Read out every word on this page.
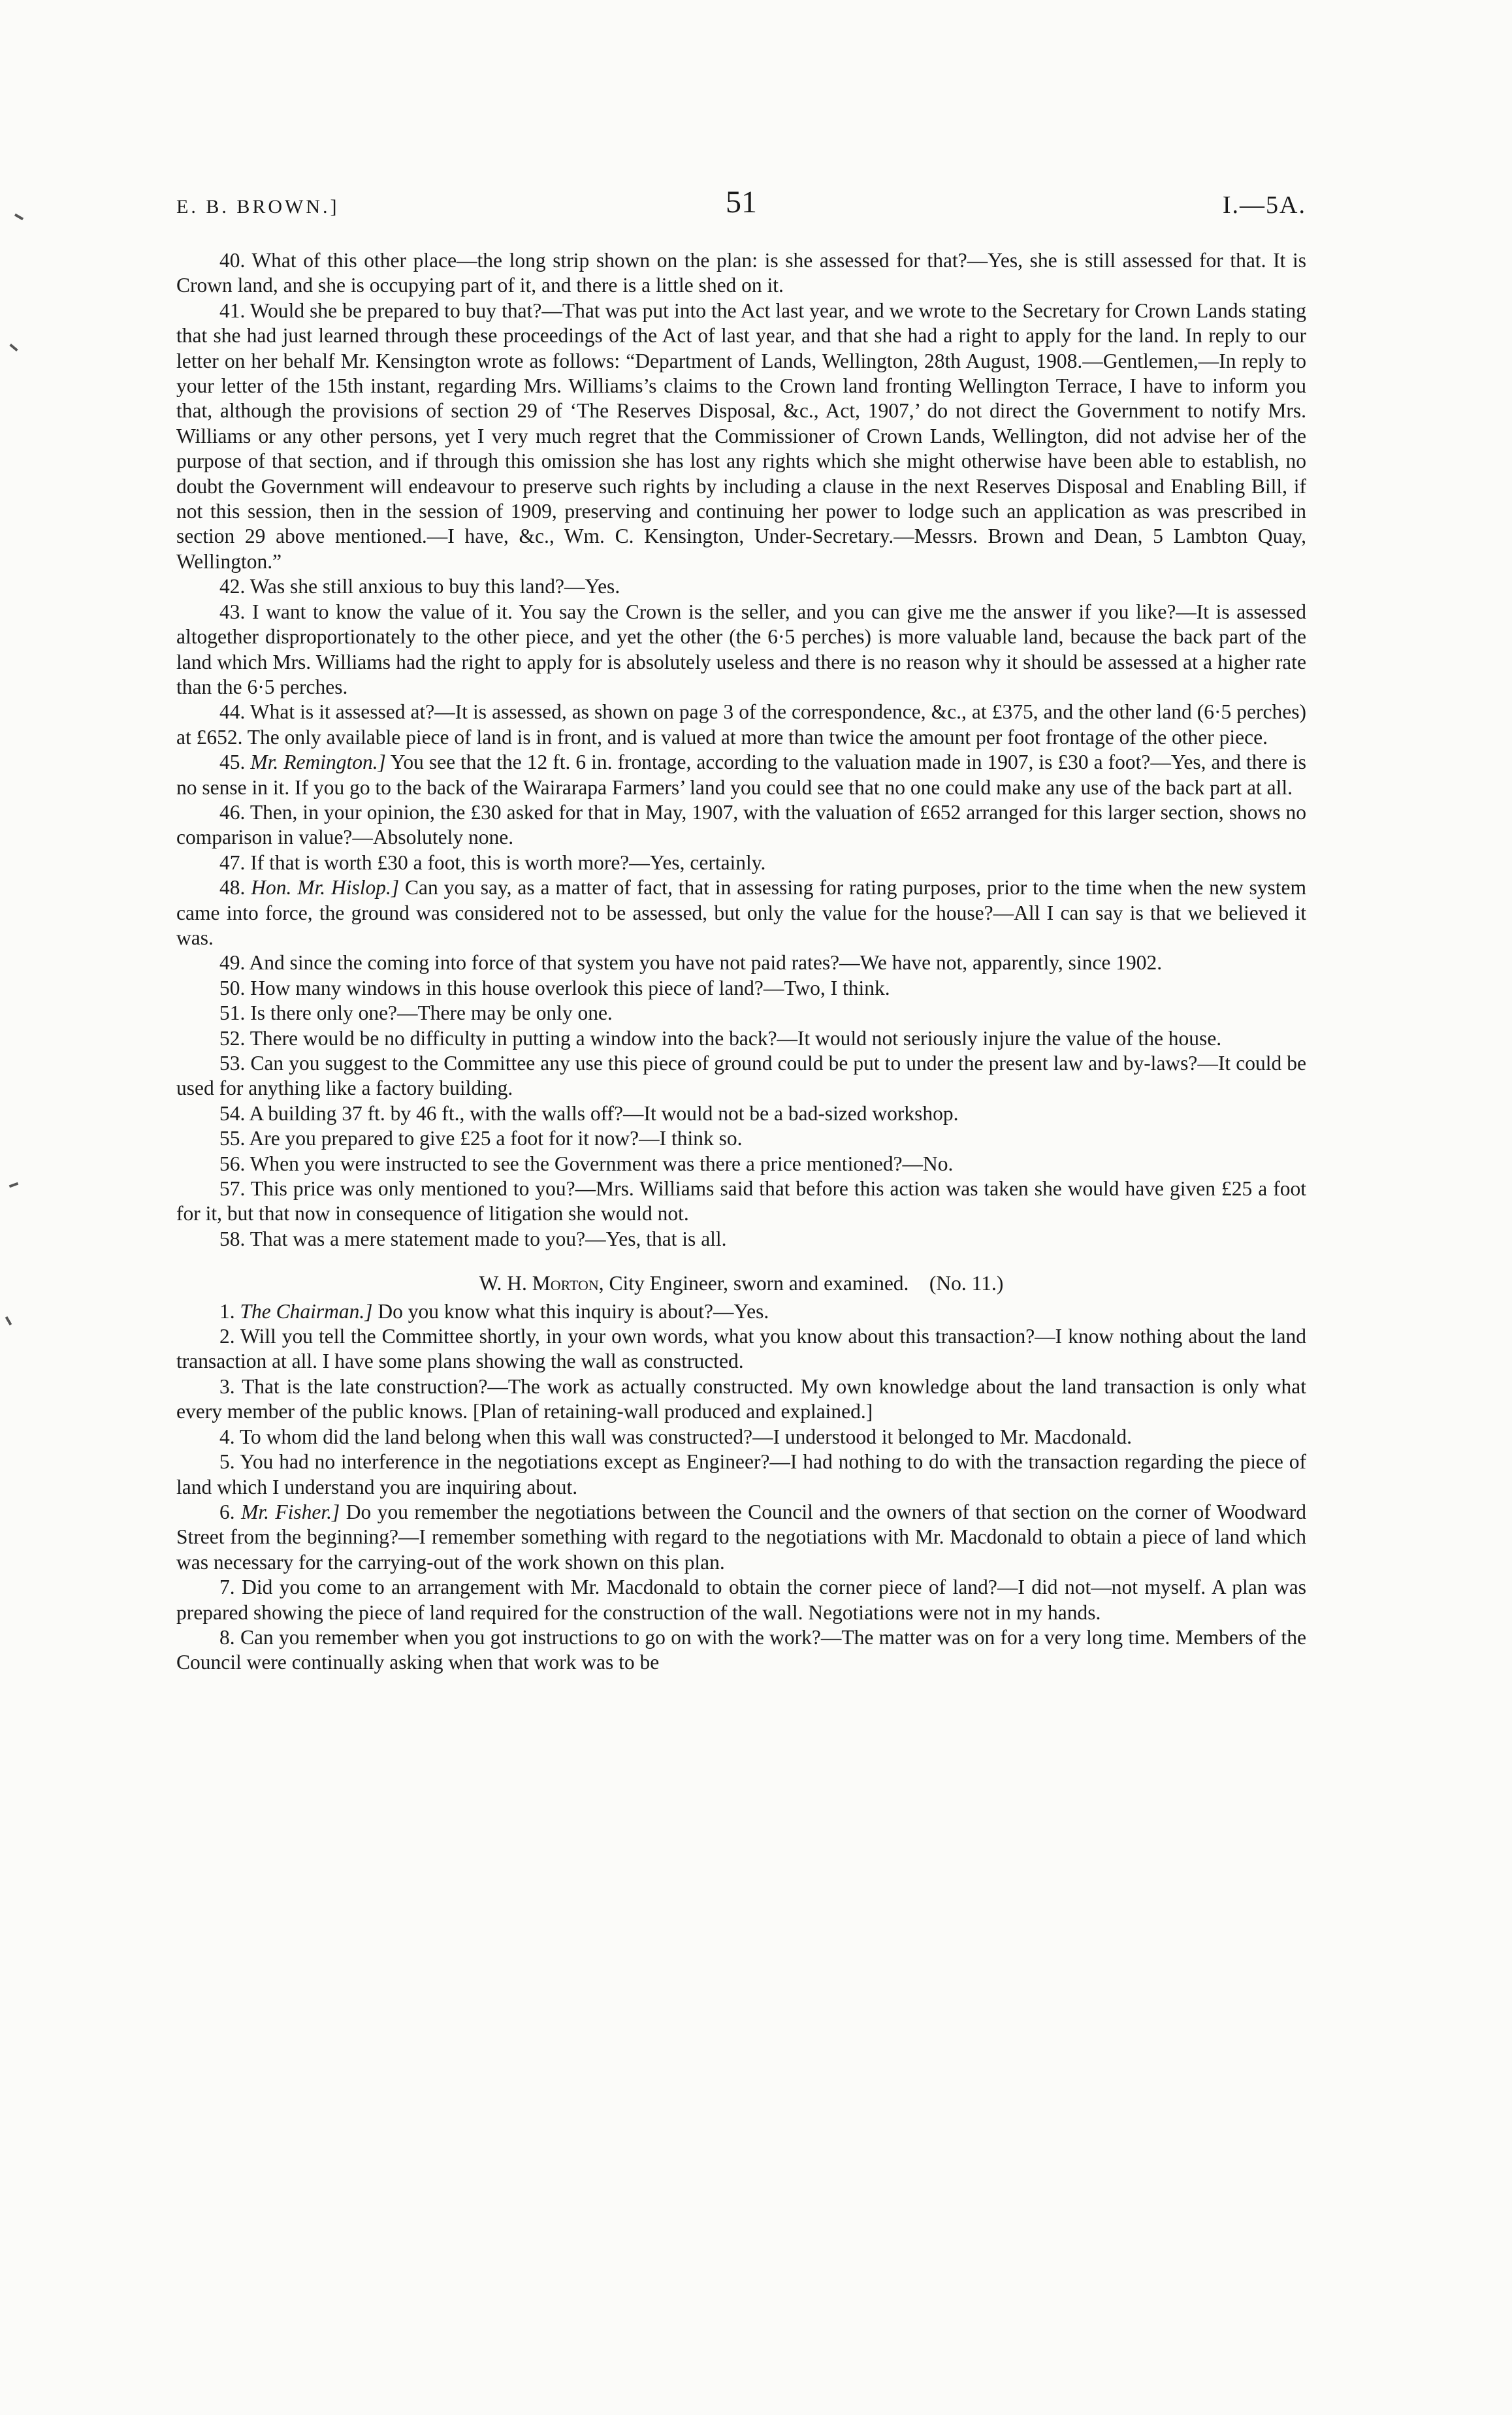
E. B. BROWN.]	51	I.—5A.

40. What of this other place—the long strip shown on the plan: is she assessed for that?—Yes, she is still assessed for that. It is Crown land, and she is occupying part of it, and there is a little shed on it.

41. Would she be prepared to buy that?—That was put into the Act last year, and we wrote to the Secretary for Crown Lands stating that she had just learned through these proceedings of the Act of last year, and that she had a right to apply for the land. In reply to our letter on her behalf Mr. Kensington wrote as follows: “Department of Lands, Wellington, 28th August, 1908.—Gentlemen,—In reply to your letter of the 15th instant, regarding Mrs. Williams’s claims to the Crown land fronting Wellington Terrace, I have to inform you that, although the provisions of section 29 of ‘The Reserves Disposal, &c., Act, 1907,’ do not direct the Government to notify Mrs. Williams or any other persons, yet I very much regret that the Commissioner of Crown Lands, Wellington, did not advise her of the purpose of that section, and if through this omission she has lost any rights which she might otherwise have been able to establish, no doubt the Government will endeavour to preserve such rights by including a clause in the next Reserves Disposal and Enabling Bill, if not this session, then in the session of 1909, preserving and continuing her power to lodge such an application as was prescribed in section 29 above mentioned.—I have, &c., Wm. C. Kensington, Under-Secretary.—Messrs. Brown and Dean, 5 Lambton Quay, Wellington.”

42. Was she still anxious to buy this land?—Yes.

43. I want to know the value of it. You say the Crown is the seller, and you can give me the answer if you like?—It is assessed altogether disproportionately to the other piece, and yet the other (the 6·5 perches) is more valuable land, because the back part of the land which Mrs. Williams had the right to apply for is absolutely useless and there is no reason why it should be assessed at a higher rate than the 6·5 perches.

44. What is it assessed at?—It is assessed, as shown on page 3 of the correspondence, &c., at £375, and the other land (6·5 perches) at £652. The only available piece of land is in front, and is valued at more than twice the amount per foot frontage of the other piece.

45. Mr. Remington.] You see that the 12 ft. 6 in. frontage, according to the valuation made in 1907, is £30 a foot?—Yes, and there is no sense in it. If you go to the back of the Wairarapa Farmers’ land you could see that no one could make any use of the back part at all.

46. Then, in your opinion, the £30 asked for that in May, 1907, with the valuation of £652 arranged for this larger section, shows no comparison in value?—Absolutely none.

47. If that is worth £30 a foot, this is worth more?—Yes, certainly.

48. Hon. Mr. Hislop.] Can you say, as a matter of fact, that in assessing for rating purposes, prior to the time when the new system came into force, the ground was considered not to be assessed, but only the value for the house?—All I can say is that we believed it was.

49. And since the coming into force of that system you have not paid rates?—We have not, apparently, since 1902.

50. How many windows in this house overlook this piece of land?—Two, I think.

51. Is there only one?—There may be only one.

52. There would be no difficulty in putting a window into the back?—It would not seriously injure the value of the house.

53. Can you suggest to the Committee any use this piece of ground could be put to under the present law and by-laws?—It could be used for anything like a factory building.

54. A building 37 ft. by 46 ft., with the walls off?—It would not be a bad-sized workshop.

55. Are you prepared to give £25 a foot for it now?—I think so.

56. When you were instructed to see the Government was there a price mentioned?—No.

57. This price was only mentioned to you?—Mrs. Williams said that before this action was taken she would have given £25 a foot for it, but that now in consequence of litigation she would not.

58. That was a mere statement made to you?—Yes, that is all.

W. H. Morton, City Engineer, sworn and examined. (No. 11.)

1. The Chairman.] Do you know what this inquiry is about?—Yes.

2. Will you tell the Committee shortly, in your own words, what you know about this transaction?—I know nothing about the land transaction at all. I have some plans showing the wall as constructed.

3. That is the late construction?—The work as actually constructed. My own knowledge about the land transaction is only what every member of the public knows. [Plan of retaining-wall produced and explained.]

4. To whom did the land belong when this wall was constructed?—I understood it belonged to Mr. Macdonald.

5. You had no interference in the negotiations except as Engineer?—I had nothing to do with the transaction regarding the piece of land which I understand you are inquiring about.

6. Mr. Fisher.] Do you remember the negotiations between the Council and the owners of that section on the corner of Woodward Street from the beginning?—I remember something with regard to the negotiations with Mr. Macdonald to obtain a piece of land which was necessary for the carrying-out of the work shown on this plan.

7. Did you come to an arrangement with Mr. Macdonald to obtain the corner piece of land?—I did not—not myself. A plan was prepared showing the piece of land required for the construction of the wall. Negotiations were not in my hands.

8. Can you remember when you got instructions to go on with the work?—The matter was on for a very long time. Members of the Council were continually asking when that work was to be
